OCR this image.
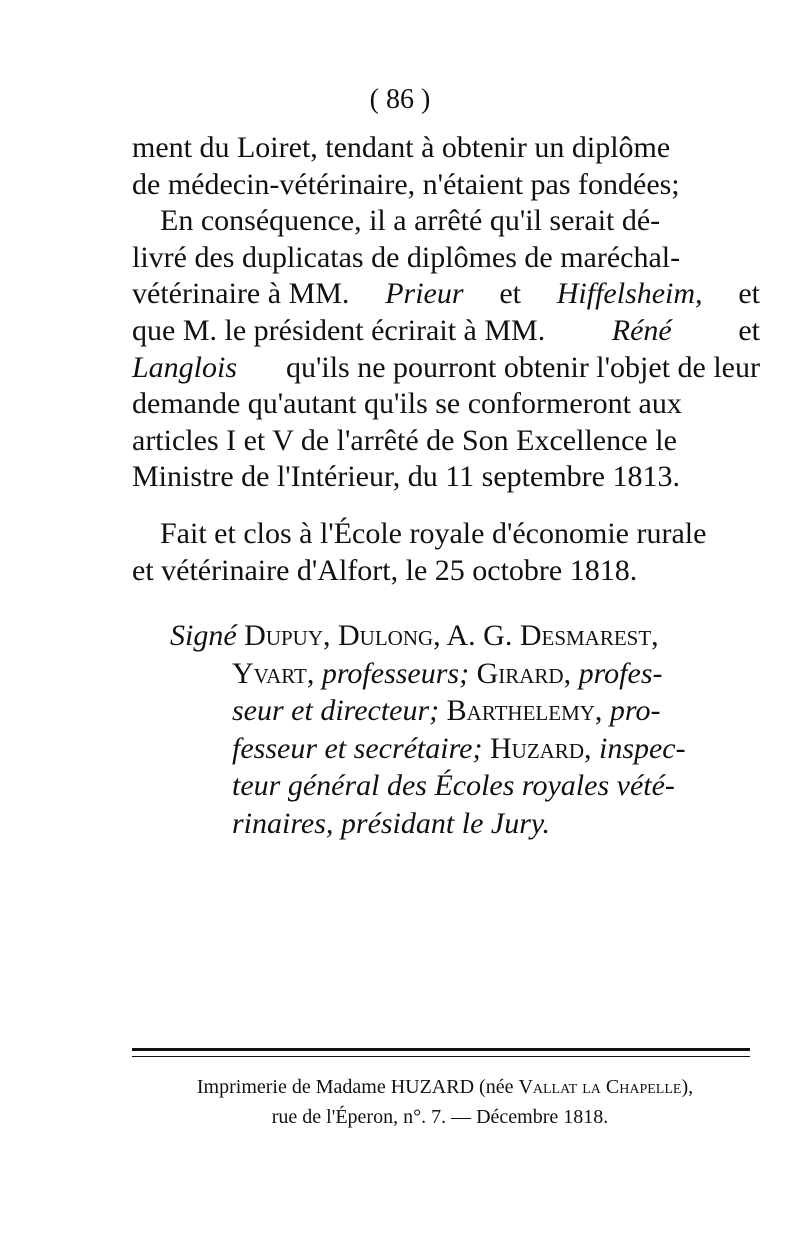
( 86 )
ment du Loiret, tendant à obtenir un diplôme
de médecin-vétérinaire, n'étaient pas fondées;
En conséquence, il a arrêté qu'il serait dé-
livré des duplicatas de diplômes de maréchal-
vétérinaire à MM. Prieur et Hiffelsheim, et
que M. le président écrirait à MM. Réné et
Langlois qu'ils ne pourront obtenir l'objet de leur
demande qu'autant qu'ils se conformeront aux
articles I et V de l'arrêté de Son Excellence le
Ministre de l'Intérieur, du 11 septembre 1813.
Fait et clos à l'École royale d'économie rurale
et vétérinaire d'Alfort, le 25 octobre 1818.
Signé Dupuy, Dulong, A. G. Desmarest,
Yvart, professeurs; Girard, profes-
seur et directeur; Barthelemy, pro-
fesseur et secrétaire; Huzard, inspec-
teur général des Écoles royales vété-
rinaires, présidant le Jury.
Imprimerie de Madame HUZARD (née Vallat la Chapelle),
rue de l'Éperon, n°. 7. — Décembre 1818.
